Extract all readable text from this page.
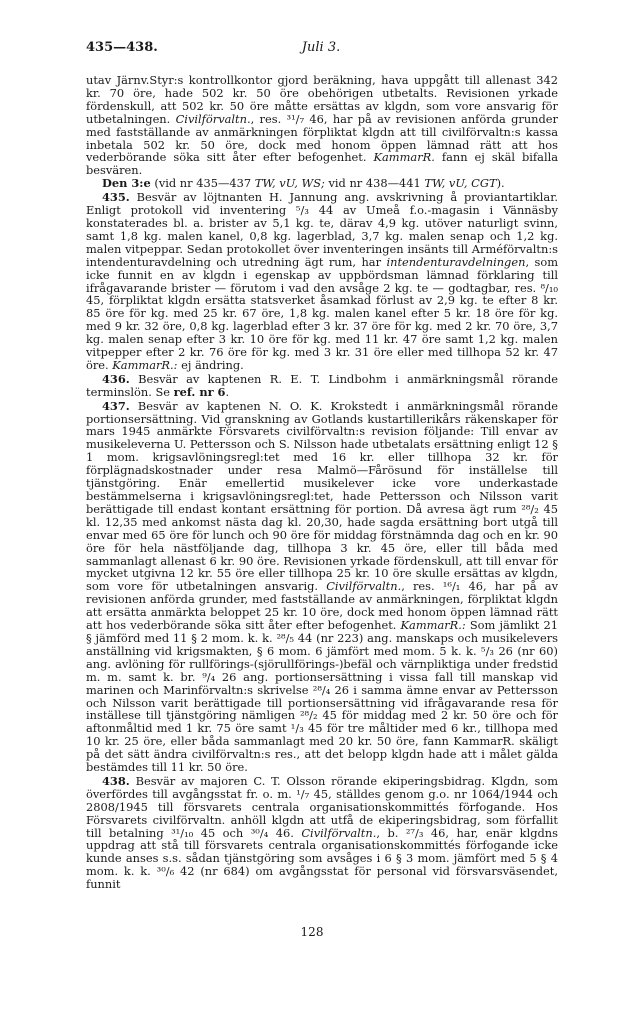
435—438.	Juli 3.

utav Järnv.Styr:s kontrollkontor gjord beräkning, hava uppgått till allenast 342 kr. 70 öre, hade 502 kr. 50 öre obehörigen utbetalts. Revisionen yrkade fördenskull, att 502 kr. 50 öre måtte ersättas av klgdn, som vore ansvarig för utbetalningen. Civilförvaltn., res. ³¹/₇ 46, har på av revisionen anförda grunder med fastställande av anmärkningen förpliktat klgdn att till civilförvaltn:s kassa inbetala 502 kr. 50 öre, dock med honom öppen lämnad rätt att hos vederbörande söka sitt åter efter befogenhet. KammarR. fann ej skäl bifalla besvären.

Den 3:e (vid nr 435—437 TW, vU, WS; vid nr 438—441 TW, vU, CGT).

435. Besvär av löjtnanten H. Jannung ang. avskrivning å proviantartiklar. Enligt protokoll vid inventering ⁵/₃ 44 av Umeå f.o.-magasin i Vännäsby konstaterades bl. a. brister av 5,1 kg. te, därav 4,9 kg. utöver naturligt svinn, samt 1,8 kg. malen kanel, 0,8 kg. lagerblad, 3,7 kg. malen senap och 1,2 kg. malen vitpeppar. Sedan protokollet över inventeringen insänts till Arméförvaltn:s intendenturavdelning och utredning ägt rum, har intendenturavdelningen, som icke funnit en av klgdn i egenskap av uppbördsman lämnad förklaring till ifrågavarande brister — förutom i vad den avsåge 2 kg. te — godtagbar, res. ⁸/₁₀ 45, förpliktat klgdn ersätta statsverket åsamkad förlust av 2,9 kg. te efter 8 kr. 85 öre för kg. med 25 kr. 67 öre, 1,8 kg. malen kanel efter 5 kr. 18 öre för kg. med 9 kr. 32 öre, 0,8 kg. lagerblad efter 3 kr. 37 öre för kg. med 2 kr. 70 öre, 3,7 kg. malen senap efter 3 kr. 10 öre för kg. med 11 kr. 47 öre samt 1,2 kg. malen vitpepper efter 2 kr. 76 öre för kg. med 3 kr. 31 öre eller med tillhopa 52 kr. 47 öre. KammarR.: ej ändring.

436. Besvär av kaptenen R. E. T. Lindbohm i anmärkningsmål rörande terminslön. Se ref. nr 6.

437. Besvär av kaptenen N. O. K. Krokstedt i anmärkningsmål rörande portionsersättning. Vid granskning av Gotlands kustartillerikårs räkenskaper för mars 1945 anmärkte Försvarets civilförvaltn:s revision följande: Till envar av musikeleverna U. Pettersson och S. Nilsson hade utbetalats ersättning enligt 12 § 1 mom. krigsavlöningsregl:tet med 16 kr. eller tillhopa 32 kr. för förplägnadskostnader under resa Malmö—Fårösund för inställelse till tjänstgöring. Enär emellertid musikelever icke vore underkastade bestämmelserna i krigsavlöningsregl:tet, hade Pettersson och Nilsson varit berättigade till endast kontant ersättning för portion. Då avresa ägt rum ²⁸/₂ 45 kl. 12,35 med ankomst nästa dag kl. 20,30, hade sagda ersättning bort utgå till envar med 65 öre för lunch och 90 öre för middag förstnämnda dag och en kr. 90 öre för hela nästföljande dag, tillhopa 3 kr. 45 öre, eller till båda med sammanlagt allenast 6 kr. 90 öre. Revisionen yrkade fördenskull, att till envar för mycket utgivna 12 kr. 55 öre eller tillhopa 25 kr. 10 öre skulle ersättas av klgdn, som vore för utbetalningen ansvarig. Civilförvaltn., res. ¹⁶/₁ 46, har på av revisionen anförda grunder, med fastställande av anmärkningen, förpliktat klgdn att ersätta anmärkta beloppet 25 kr. 10 öre, dock med honom öppen lämnad rätt att hos vederbörande söka sitt åter efter befogenhet. KammarR.: Som jämlikt 21 § jämförd med 11 § 2 mom. k. k. ²⁸/₅ 44 (nr 223) ang. manskaps och musikelevers anställning vid krigsmakten, § 6 mom. 6 jämfört med mom. 5 k. k. ⁵/₃ 26 (nr 60) ang. avlöning för rullförings-(sjörullförings-)befäl och värnpliktiga under fredstid m. m. samt k. br. ⁹/₄ 26 ang. portionsersättning i vissa fall till manskap vid marinen och Marinförvaltn:s skrivelse ²⁸/₄ 26 i samma ämne envar av Pettersson och Nilsson varit berättigade till portionsersättning vid ifrågavarande resa för inställese till tjänstgöring nämligen ²⁸/₂ 45 för middag med 2 kr. 50 öre och för aftonmåltid med 1 kr. 75 öre samt ¹/₃ 45 för tre måltider med 6 kr., tillhopa med 10 kr. 25 öre, eller båda sammanlagt med 20 kr. 50 öre, fann KammarR. skäligt på det sätt ändra civilförvaltn:s res., att det belopp klgdn hade att i målet gälda bestämdes till 11 kr. 50 öre.

438. Besvär av majoren C. T. Olsson rörande ekiperingsbidrag. Klgdn, som överfördes till avgångsstat fr. o. m. ¹/₇ 45, ställdes genom g.o. nr 1064/1944 och 2808/1945 till försvarets centrala organisationskommittés förfogande. Hos Försvarets civilförvaltn. anhöll klgdn att utfå de ekiperingsbidrag, som förfallit till betalning ³¹/₁₀ 45 och ³⁰/₄ 46. Civilförvaltn., b. ²⁷/₃ 46, har, enär klgdns uppdrag att stå till försvarets centrala organisationskommittés förfogande icke kunde anses s.s. sådan tjänstgöring som avsåges i 6 § 3 mom. jämfört med 5 § 4 mom. k. k. ³⁰/₆ 42 (nr 684) om avgångsstat för personal vid försvarsväsendet, funnit

128
